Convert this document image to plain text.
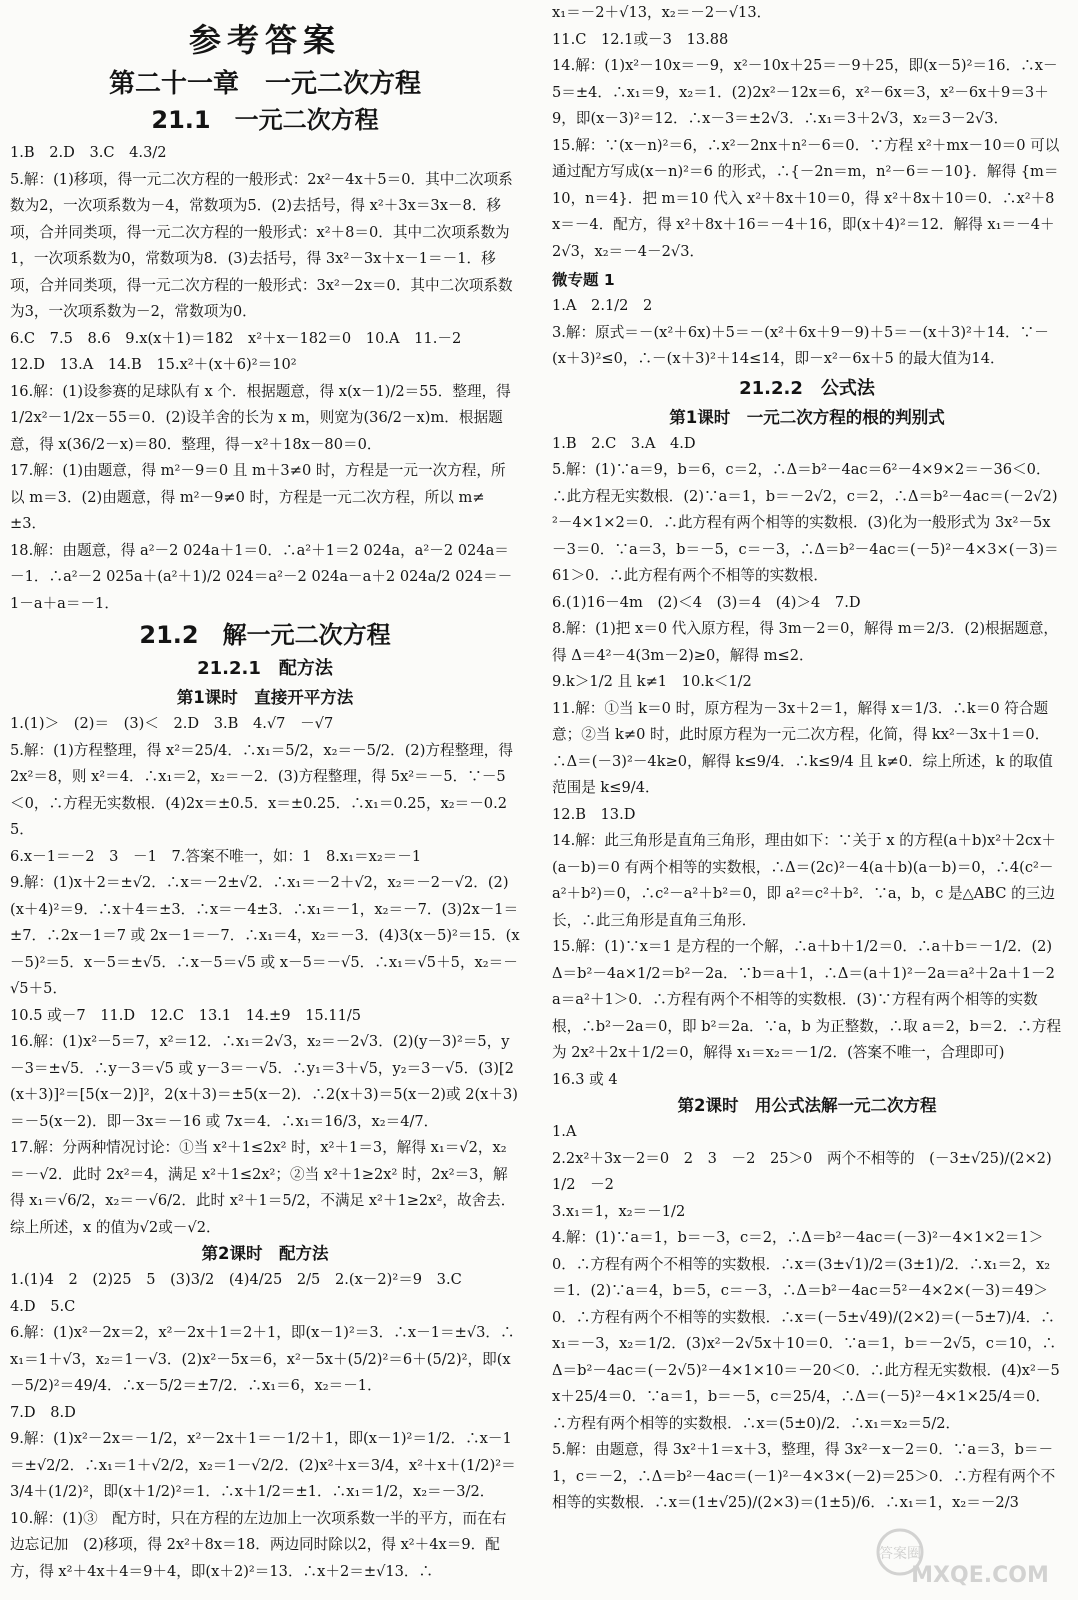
参考答案
第二十一章　一元二次方程
21.1　一元二次方程

1.B　2.D　3.C　4.3/2

5.解：(1)移项，得一元二次方程的一般形式：2x²－4x＋5＝0．其中二次项系数为2，一次项系数为－4，常数项为5．(2)去括号，得 x²＋3x＝3x－8．移项，合并同类项，得一元二次方程的一般形式：x²＋8＝0．其中二次项系数为1，一次项系数为0，常数项为8．(3)去括号，得 3x²－3x＋x－1＝－1．移项，合并同类项，得一元二次方程的一般形式：3x²－2x＝0．其中二次项系数为3，一次项系数为－2，常数项为0．

6.C　7.5　8.6　9.x(x＋1)＝182　x²＋x－182＝0　10.A　11.－2

12.D　13.A　14.B　15.x²＋(x＋6)²＝10²

16.解：(1)设参赛的足球队有 x 个．根据题意，得 x(x－1)/2＝55．整理，得 1/2x²－1/2x－55＝0．(2)设羊舍的长为 x m，则宽为(36/2－x)m．根据题意，得 x(36/2－x)＝80．整理，得－x²＋18x－80＝0．

17.解：(1)由题意，得 m²－9＝0 且 m＋3≠0 时，方程是一元一次方程，所以 m＝3．(2)由题意，得 m²－9≠0 时，方程是一元二次方程，所以 m≠±3．

18.解：由题意，得 a²－2 024a＋1＝0．∴a²＋1＝2 024a，a²－2 024a＝－1．∴a²－2 025a＋(a²＋1)/2 024＝a²－2 024a－a＋2 024a/2 024＝－1－a＋a＝－1．

21.2　解一元二次方程
21.2.1　配方法
第1课时　直接开平方法

1.(1)＞　(2)＝　(3)＜　2.D　3.B　4.√7　－√7

5.解：(1)方程整理，得 x²＝25/4．∴x₁＝5/2，x₂＝－5/2．(2)方程整理，得 2x²＝8，则 x²＝4．∴x₁＝2，x₂＝－2．(3)方程整理，得 5x²＝－5．∵－5＜0，∴方程无实数根．(4)2x＝±0.5．x＝±0.25．∴x₁＝0.25，x₂＝－0.25．

6.x－1＝－2　3　－1　7.答案不唯一，如：1　8.x₁＝x₂＝－1

9.解：(1)x＋2＝±√2．∴x＝－2±√2．∴x₁＝－2＋√2，x₂＝－2－√2．(2)(x＋4)²＝9．∴x＋4＝±3．∴x＝－4±3．∴x₁＝－1，x₂＝－7．(3)2x－1＝±7．∴2x－1＝7 或 2x－1＝－7．∴x₁＝4，x₂＝－3．(4)3(x－5)²＝15．(x－5)²＝5．x－5＝±√5．∴x－5＝√5 或 x－5＝－√5．∴x₁＝√5＋5，x₂＝－√5＋5．

10.5 或－7　11.D　12.C　13.1　14.±9　15.11/5

16.解：(1)x²－5＝7，x²＝12．∴x₁＝2√3，x₂＝－2√3．(2)(y－3)²＝5，y－3＝±√5．∴y－3＝√5 或 y－3＝－√5．∴y₁＝3＋√5，y₂＝3－√5．(3)[2(x＋3)]²＝[5(x－2)]²，2(x＋3)＝±5(x－2)．∴2(x＋3)＝5(x－2)或 2(x＋3)＝－5(x－2)．即－3x＝－16 或 7x＝4．∴x₁＝16/3，x₂＝4/7．

17.解：分两种情况讨论：①当 x²＋1≤2x² 时，x²＋1＝3，解得 x₁＝√2，x₂＝－√2．此时 2x²＝4，满足 x²＋1≤2x²；②当 x²＋1≥2x² 时，2x²＝3，解得 x₁＝√6/2，x₂＝－√6/2．此时 x²＋1＝5/2，不满足 x²＋1≥2x²，故舍去．综上所述，x 的值为√2或－√2．

第2课时　配方法

1.(1)4　2　(2)25　5　(3)3/2　(4)4/25　2/5　2.(x－2)²＝9　3.C

4.D　5.C

6.解：(1)x²－2x＝2，x²－2x＋1＝2＋1，即(x－1)²＝3．∴x－1＝±√3．∴x₁＝1＋√3，x₂＝1－√3．(2)x²－5x＝6，x²－5x＋(5/2)²＝6＋(5/2)²，即(x－5/2)²＝49/4．∴x－5/2＝±7/2．∴x₁＝6，x₂＝－1．

7.D　8.D

9.解：(1)x²－2x＝－1/2，x²－2x＋1＝－1/2＋1，即(x－1)²＝1/2．∴x－1＝±√2/2．∴x₁＝1＋√2/2，x₂＝1－√2/2．(2)x²＋x＝3/4，x²＋x＋(1/2)²＝3/4＋(1/2)²，即(x＋1/2)²＝1．∴x＋1/2＝±1．∴x₁＝1/2，x₂＝－3/2．

10.解：(1)③　配方时，只在方程的左边加上一次项系数一半的平方，而在右边忘记加　(2)移项，得 2x²＋8x＝18．两边同时除以2，得 x²＋4x＝9．配方，得 x²＋4x＋4＝9＋4，即(x＋2)²＝13．∴x＋2＝±√13．∴

x₁＝－2＋√13，x₂＝－2－√13．

11.C　12.1或－3　13.88

14.解：(1)x²－10x＝－9，x²－10x＋25＝－9＋25，即(x－5)²＝16．∴x－5＝±4．∴x₁＝9，x₂＝1．(2)2x²－12x＝6，x²－6x＝3，x²－6x＋9＝3＋9，即(x－3)²＝12．∴x－3＝±2√3．∴x₁＝3＋2√3，x₂＝3－2√3．

15.解：∵(x－n)²＝6，∴x²－2nx＋n²－6＝0．∵方程 x²＋mx－10＝0 可以通过配方写成(x－n)²＝6 的形式，∴{－2n＝m，n²－6＝－10}．解得 {m＝10，n＝4}．把 m＝10 代入 x²＋8x＋10＝0，得 x²＋8x＋10＝0．∴x²＋8x＝－4．配方，得 x²＋8x＋16＝－4＋16，即(x＋4)²＝12．解得 x₁＝－4＋2√3，x₂＝－4－2√3．

微专题 1

1.A　2.1/2　2

3.解：原式＝－(x²＋6x)＋5＝－(x²＋6x＋9－9)＋5＝－(x＋3)²＋14．∵－(x＋3)²≤0，∴－(x＋3)²＋14≤14，即－x²－6x＋5 的最大值为14．

21.2.2　公式法
第1课时　一元二次方程的根的判别式

1.B　2.C　3.A　4.D

5.解：(1)∵a＝9，b＝6，c＝2，∴Δ＝b²－4ac＝6²－4×9×2＝－36＜0．∴此方程无实数根．(2)∵a＝1，b＝－2√2，c＝2，∴Δ＝b²－4ac＝(－2√2)²－4×1×2＝0．∴此方程有两个相等的实数根．(3)化为一般形式为 3x²－5x－3＝0．∵a＝3，b＝－5，c＝－3，∴Δ＝b²－4ac＝(－5)²－4×3×(－3)＝61＞0．∴此方程有两个不相等的实数根．

6.(1)16－4m　(2)＜4　(3)＝4　(4)＞4　7.D

8.解：(1)把 x＝0 代入原方程，得 3m－2＝0，解得 m＝2/3．(2)根据题意，得 Δ＝4²－4(3m－2)≥0，解得 m≤2．

9.k＞1/2 且 k≠1　10.k＜1/2

11.解：①当 k＝0 时，原方程为－3x＋2＝1，解得 x＝1/3．∴k＝0 符合题意；②当 k≠0 时，此时原方程为一元二次方程，化简，得 kx²－3x＋1＝0．∴Δ＝(－3)²－4k≥0，解得 k≤9/4．∴k≤9/4 且 k≠0．综上所述，k 的取值范围是 k≤9/4．

12.B　13.D

14.解：此三角形是直角三角形，理由如下：∵关于 x 的方程(a＋b)x²＋2cx＋(a－b)＝0 有两个相等的实数根，∴Δ＝(2c)²－4(a＋b)(a－b)＝0，∴4(c²－a²＋b²)＝0，∴c²－a²＋b²＝0，即 a²＝c²＋b²．∵a，b，c 是△ABC 的三边长，∴此三角形是直角三角形．

15.解：(1)∵x＝1 是方程的一个解，∴a＋b＋1/2＝0．∴a＋b＝－1/2．(2)Δ＝b²－4a×1/2＝b²－2a．∵b＝a＋1，∴Δ＝(a＋1)²－2a＝a²＋2a＋1－2a＝a²＋1＞0．∴方程有两个不相等的实数根．(3)∵方程有两个相等的实数根，∴b²－2a＝0，即 b²＝2a．∵a，b 为正整数，∴取 a＝2，b＝2．∴方程为 2x²＋2x＋1/2＝0，解得 x₁＝x₂＝－1/2．(答案不唯一，合理即可)

16.3 或 4

第2课时　用公式法解一元二次方程

1.A

2.2x²＋3x－2＝0　2　3　－2　25＞0　两个不相等的　(－3±√25)/(2×2)　1/2　－2

3.x₁＝1，x₂＝－1/2

4.解：(1)∵a＝1，b＝－3，c＝2，∴Δ＝b²－4ac＝(－3)²－4×1×2＝1＞0．∴方程有两个不相等的实数根．∴x＝(3±√1)/2＝(3±1)/2．∴x₁＝2，x₂＝1．(2)∵a＝4，b＝5，c＝－3，∴Δ＝b²－4ac＝5²－4×2×(－3)＝49＞0．∴方程有两个不相等的实数根．∴x＝(－5±√49)/(2×2)＝(－5±7)/4．∴x₁＝－3，x₂＝1/2．(3)x²－2√5x＋10＝0．∵a＝1，b＝－2√5，c＝10，∴Δ＝b²－4ac＝(－2√5)²－4×1×10＝－20＜0．∴此方程无实数根．(4)x²－5x＋25/4＝0．∵a＝1，b＝－5，c＝25/4，∴Δ＝(－5)²－4×1×25/4＝0．∴方程有两个相等的实数根．∴x＝(5±0)/2．∴x₁＝x₂＝5/2．

5.解：由题意，得 3x²＋1＝x＋3，整理，得 3x²－x－2＝0．∵a＝3，b＝－1，c＝－2，∴Δ＝b²－4ac＝(－1)²－4×3×(－2)＝25＞0．∴方程有两个不相等的实数根．∴x＝(1±√25)/(2×3)＝(1±5)/6．∴x₁＝1，x₂＝－2/3

答案圈
MXQE.COM
